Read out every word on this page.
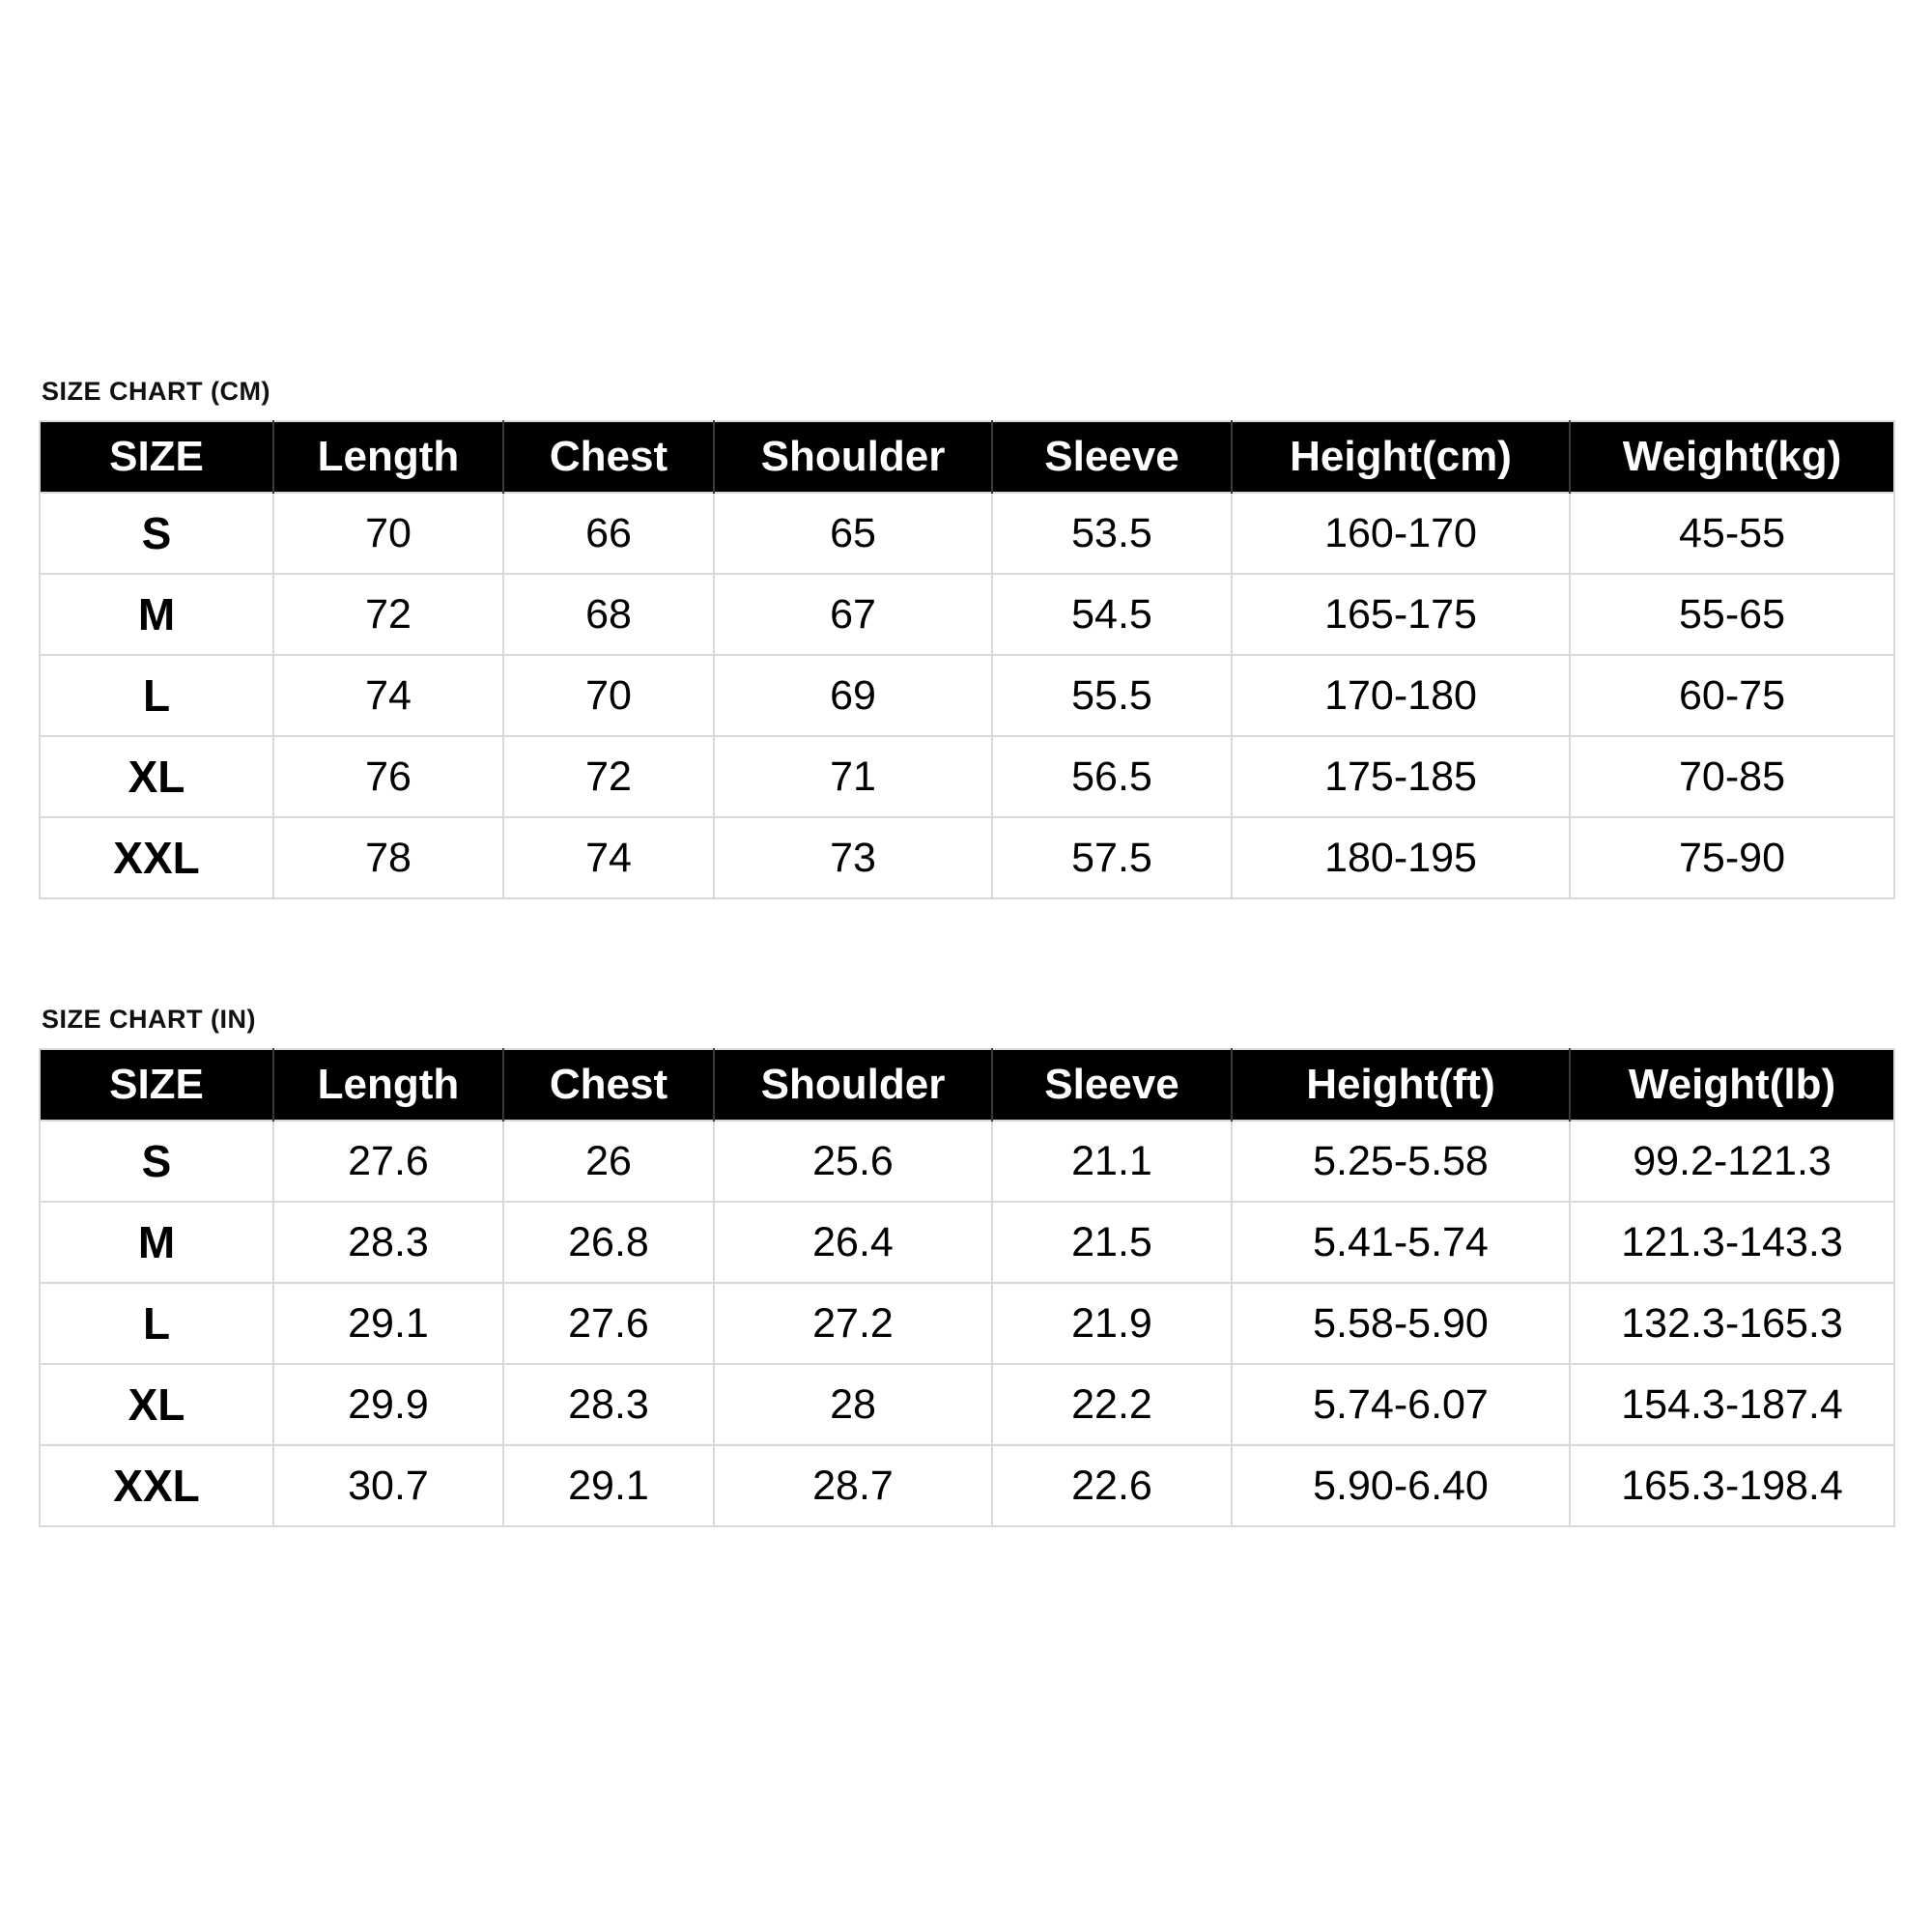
SIZE CHART (CM)
SIZE	Length	Chest	Shoulder	Sleeve	Height(cm)	Weight(kg)
S	70	66	65	53.5	160-170	45-55
M	72	68	67	54.5	165-175	55-65
L	74	70	69	55.5	170-180	60-75
XL	76	72	71	56.5	175-185	70-85
XXL	78	74	73	57.5	180-195	75-90
SIZE CHART (IN)
SIZE	Length	Chest	Shoulder	Sleeve	Height(ft)	Weight(lb)
S	27.6	26	25.6	21.1	5.25-5.58	99.2-121.3
M	28.3	26.8	26.4	21.5	5.41-5.74	121.3-143.3
L	29.1	27.6	27.2	21.9	5.58-5.90	132.3-165.3
XL	29.9	28.3	28	22.2	5.74-6.07	154.3-187.4
XXL	30.7	29.1	28.7	22.6	5.90-6.40	165.3-198.4
